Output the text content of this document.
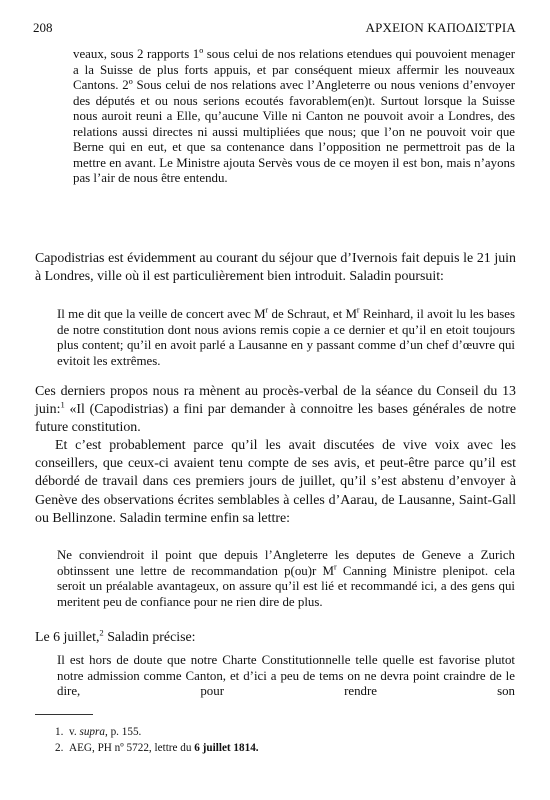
208	ΑΡΧΕΙΟΝ ΚΑΠΟΔΙΣΤΡΙΑ

veaux, sous 2 rapports 1º sous celui de nos relations etendues qui pouvoient menager a la Suisse de plus forts appuis, et par conséquent mieux affermir les nouveaux Cantons. 2º Sous celui de nos relations avec l’Angleterre ou nous venions d’envoyer des députés et ou nous serions ecoutés favorablem(en)t. Surtout lorsque la Suisse nous auroit reuni a Elle, qu’aucune Ville ni Canton ne pouvoit avoir a Londres, des relations aussi directes ni aussi multipliées que nous; que l’on ne pouvoit voir que Berne qui en eut, et que sa contenance dans l’opposition ne permettroit pas de la mettre en avant. Le Ministre ajouta Servès vous de ce moyen il est bon, mais n’ayons pas l’air de nous être entendu.

Capodistrias est évidemment au courant du séjour que d’Ivernois fait depuis le 21 juin à Londres, ville où il est particulièrement bien introduit. Saladin poursuit:

Il me dit que la veille de concert avec $M^r$ de Schraut, et $M^r$ Reinhard, il avoit lu les bases de notre constitution dont nous avions remis copie a ce dernier et qu’il en etoit toujours plus content; qu’il en avoit parlé a Lausanne en y passant comme d’un chef d’œuvre qui evitoit les extrêmes.

Ces derniers propos nous ra mènent au procès-verbal de la séance du Conseil du 13 juin:$^1$ «Il (Capodistrias) a fini par demander à connoitre les bases générales de notre future constitution.

Et c’est probablement parce qu’il les avait discutées de vive voix avec les conseillers, que ceux-ci avaient tenu compte de ses avis, et peut-être parce qu’il est débordé de travail dans ces premiers jours de juillet, qu’il s’est abstenu d’envoyer à Genève des observations écrites semblables à celles d’Aarau, de Lausanne, Saint-Gall ou Bellinzone. Saladin termine enfin sa lettre:

Ne conviendroit il point que depuis l’Angleterre les deputes de Geneve a Zurich obtinssent une lettre de recommandation p(ou)r $M^r$ Canning Ministre plenipot. cela seroit un préalable avantageux, on assure qu’il est lié et recommandé ici, a des gens qui meritent peu de confiance pour ne rien dire de plus.

Le 6 juillet,$^2$ Saladin précise:

Il est hors de doute que notre Charte Constitutionnelle telle quelle est favorise plutot notre admission comme Canton, et d’ici a peu de tems on ne devra point craindre de le dire, pour rendre son

1. v. supra, p. 155.
2. AEG, PH nº 5722, lettre du 6 juillet 1814.
